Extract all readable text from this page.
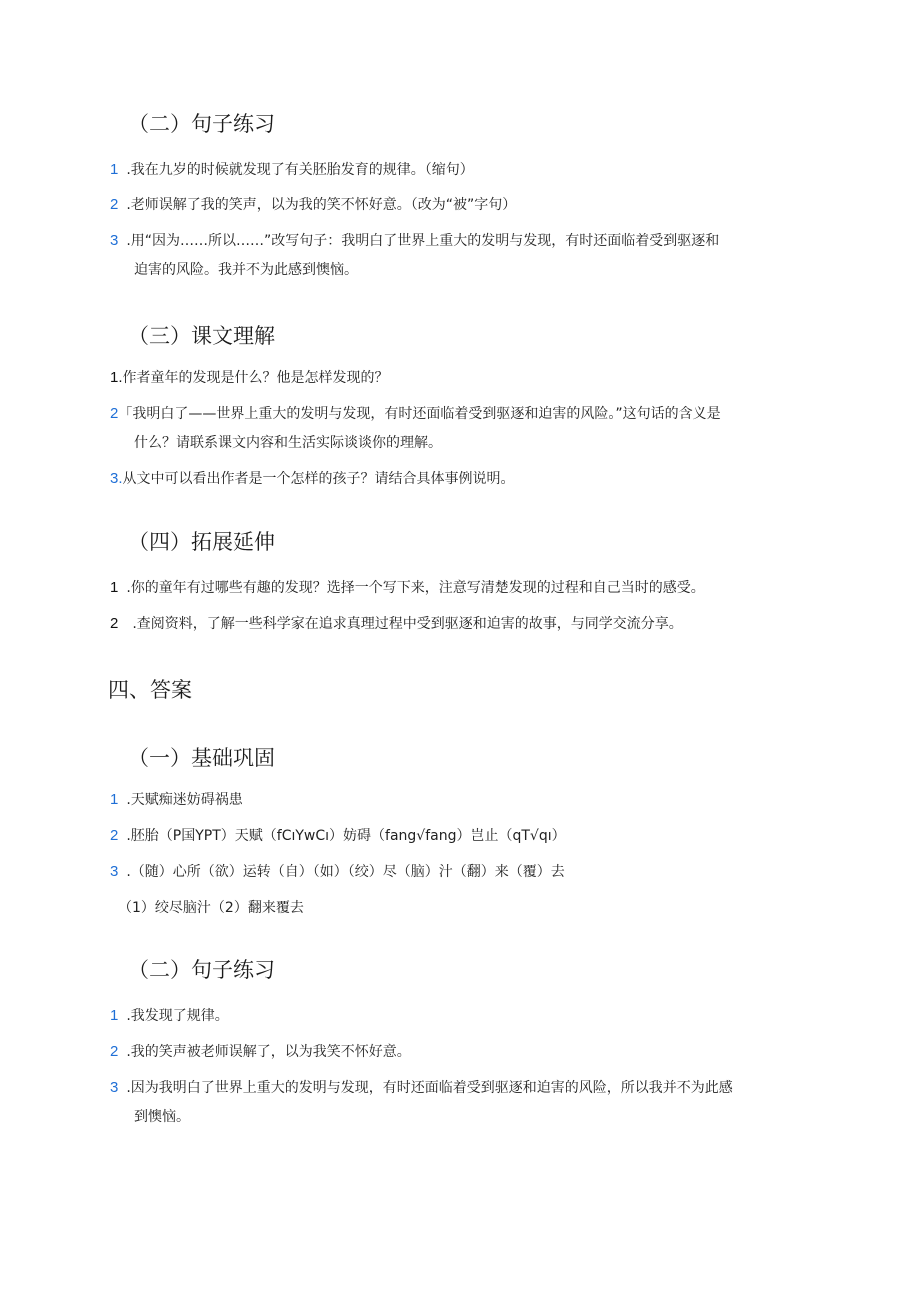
（二）句子练习
1 .我在九岁的时候就发现了有关胚胎发育的规律。（缩句）
2 .老师误解了我的笑声，以为我的笑不怀好意。（改为“被”字句）
3 .用“因为……所以……”改写句子：我明白了世界上重大的发明与发现，有时还面临着受到驱逐和
迫害的风险。我并不为此感到懊恼。
（三）课文理解
1.作者童年的发现是什么？他是怎样发现的？
2「我明白了——世界上重大的发明与发现，有时还面临着受到驱逐和迫害的风险。”这句话的含义是
什么？请联系课文内容和生活实际谈谈你的理解。
3.从文中可以看出作者是一个怎样的孩子？请结合具体事例说明。
（四）拓展延伸
1 .你的童年有过哪些有趣的发现？选择一个写下来，注意写清楚发现的过程和自己当时的感受。
2 .查阅资料，了解一些科学家在追求真理过程中受到驱逐和迫害的故事，与同学交流分享。
四、答案
（一）基础巩固
1 .天赋痴迷妨碍祸患
2 .胚胎（P国YPT）天赋（fCıYwCı）妨碍（fang√fang）岂止（qT√qı）
3 .（随）心所（欲）运转（自）（如）（绞）尽（脑）汁（翻）来（覆）去
（1）绞尽脑汁（2）翻来覆去
（二）句子练习
1 .我发现了规律。
2 .我的笑声被老师误解了，以为我笑不怀好意。
3 .因为我明白了世界上重大的发明与发现，有时还面临着受到驱逐和迫害的风险，所以我并不为此感
到懊恼。
